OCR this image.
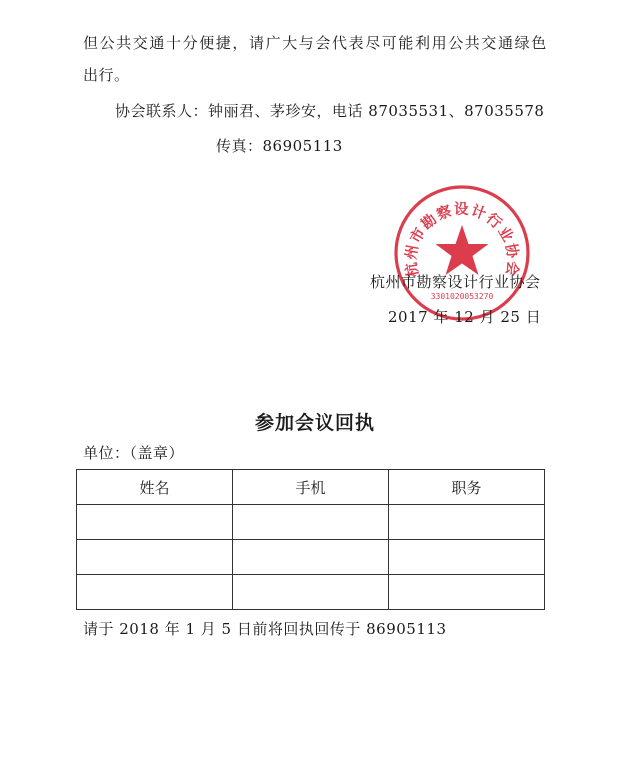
但公共交通十分便捷，请广大与会代表尽可能利用公共交通绿色
出行。
协会联系人：钟丽君、茅珍安，电话 87035531、87035578
传真：86905113
杭州市勘察设计行业协会
3301020053270
杭州市勘察设计行业协会
2017 年 12 月 25 日
参加会议回执
单位：（盖章）
姓名	手机	职务

请于 2018 年 1 月 5 日前将回执回传于 86905113
